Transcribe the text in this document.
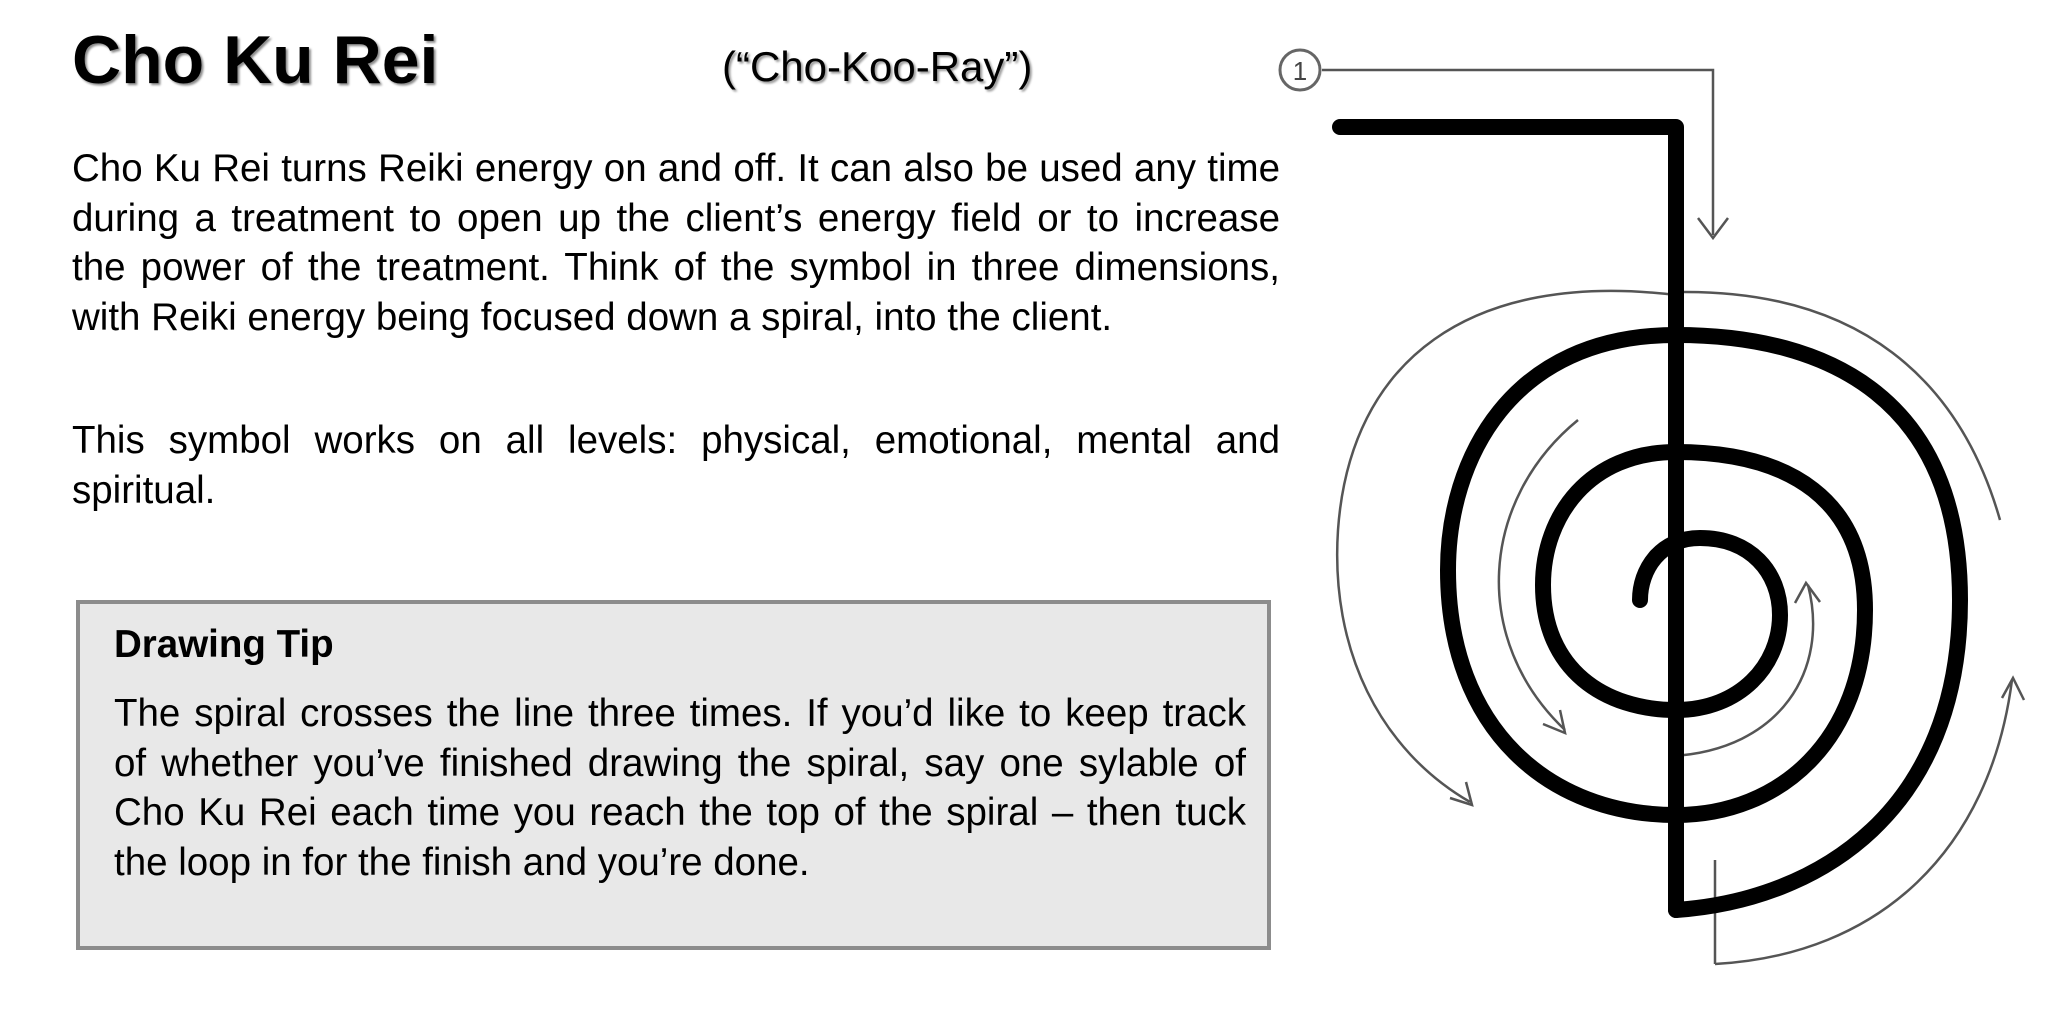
Cho Ku Rei	(“Cho-Koo-Ray”)

Cho Ku Rei turns Reiki energy on and off. It can also be used any time during a treatment to open up the client’s energy field or to increase the power of the treatment. Think of the symbol in three dimensions, with Reiki energy being focused down a spiral, into the client.

This symbol works on all levels: physical, emotional, mental and spiritual.

Drawing Tip

The spiral crosses the line three times. If you’d like to keep track of whether you’ve finished drawing the spiral, say one sylable of Cho Ku Rei each time you reach the top of the spiral – then tuck the loop in for the finish and you’re done.

1
